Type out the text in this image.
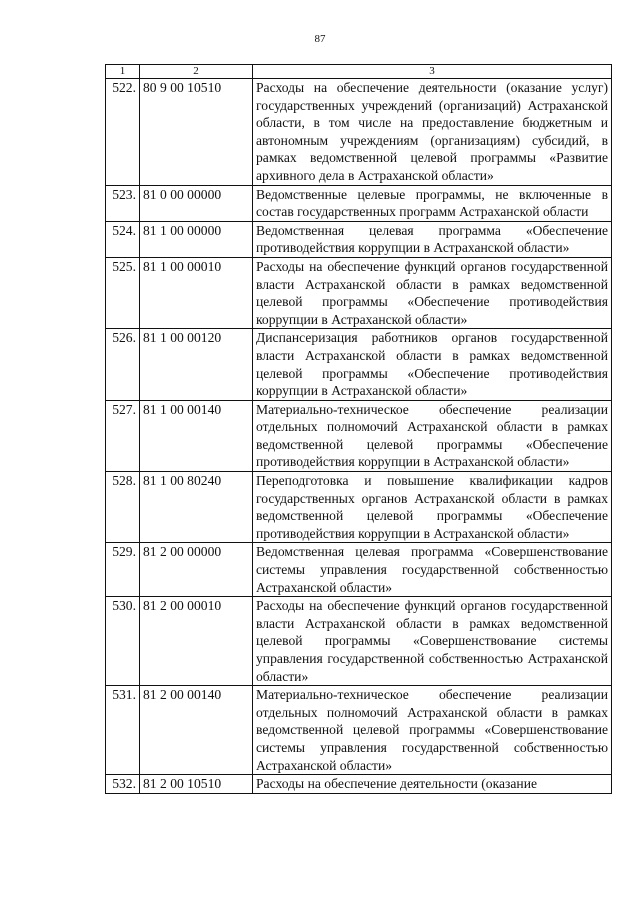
87
1	2	3
522.	80 9 00 10510	Расходы на обеспечение деятельности (оказание услуг) государственных учреждений (организаций) Астраханской области, в том числе на предоставление бюджетным и автономным учреждениям (организациям) субсидий, в рамках ведомственной целевой программы «Развитие архивного дела в Астраханской области»
523.	81 0 00 00000	Ведомственные целевые программы, не включенные в состав государственных программ Астраханской области
524.	81 1 00 00000	Ведомственная целевая программа «Обеспечение противодействия коррупции в Астраханской области»
525.	81 1 00 00010	Расходы на обеспечение функций органов государственной власти Астраханской области в рамках ведомственной целевой программы «Обеспечение противодействия коррупции в Астраханской области»
526.	81 1 00 00120	Диспансеризация работников органов государственной власти Астраханской области в рамках ведомственной целевой программы «Обеспечение противодействия коррупции в Астраханской области»
527.	81 1 00 00140	Материально-техническое обеспечение реализации отдельных полномочий Астраханской области в рамках ведомственной целевой программы «Обеспечение противодействия коррупции в Астраханской области»
528.	81 1 00 80240	Переподготовка и повышение квалификации кадров государственных органов Астраханской области в рамках ведомственной целевой программы «Обеспечение противодействия коррупции в Астраханской области»
529.	81 2 00 00000	Ведомственная целевая программа «Совершенствование системы управления государственной собственностью Астраханской области»
530.	81 2 00 00010	Расходы на обеспечение функций органов государственной власти Астраханской области в рамках ведомственной целевой программы «Совершенствование системы управления государственной собственностью Астраханской области»
531.	81 2 00 00140	Материально-техническое обеспечение реализации отдельных полномочий Астраханской области в рамках ведомственной целевой программы «Совершенствование системы управления государственной собственностью Астраханской области»
532.	81 2 00 10510	Расходы на обеспечение деятельности (оказание
